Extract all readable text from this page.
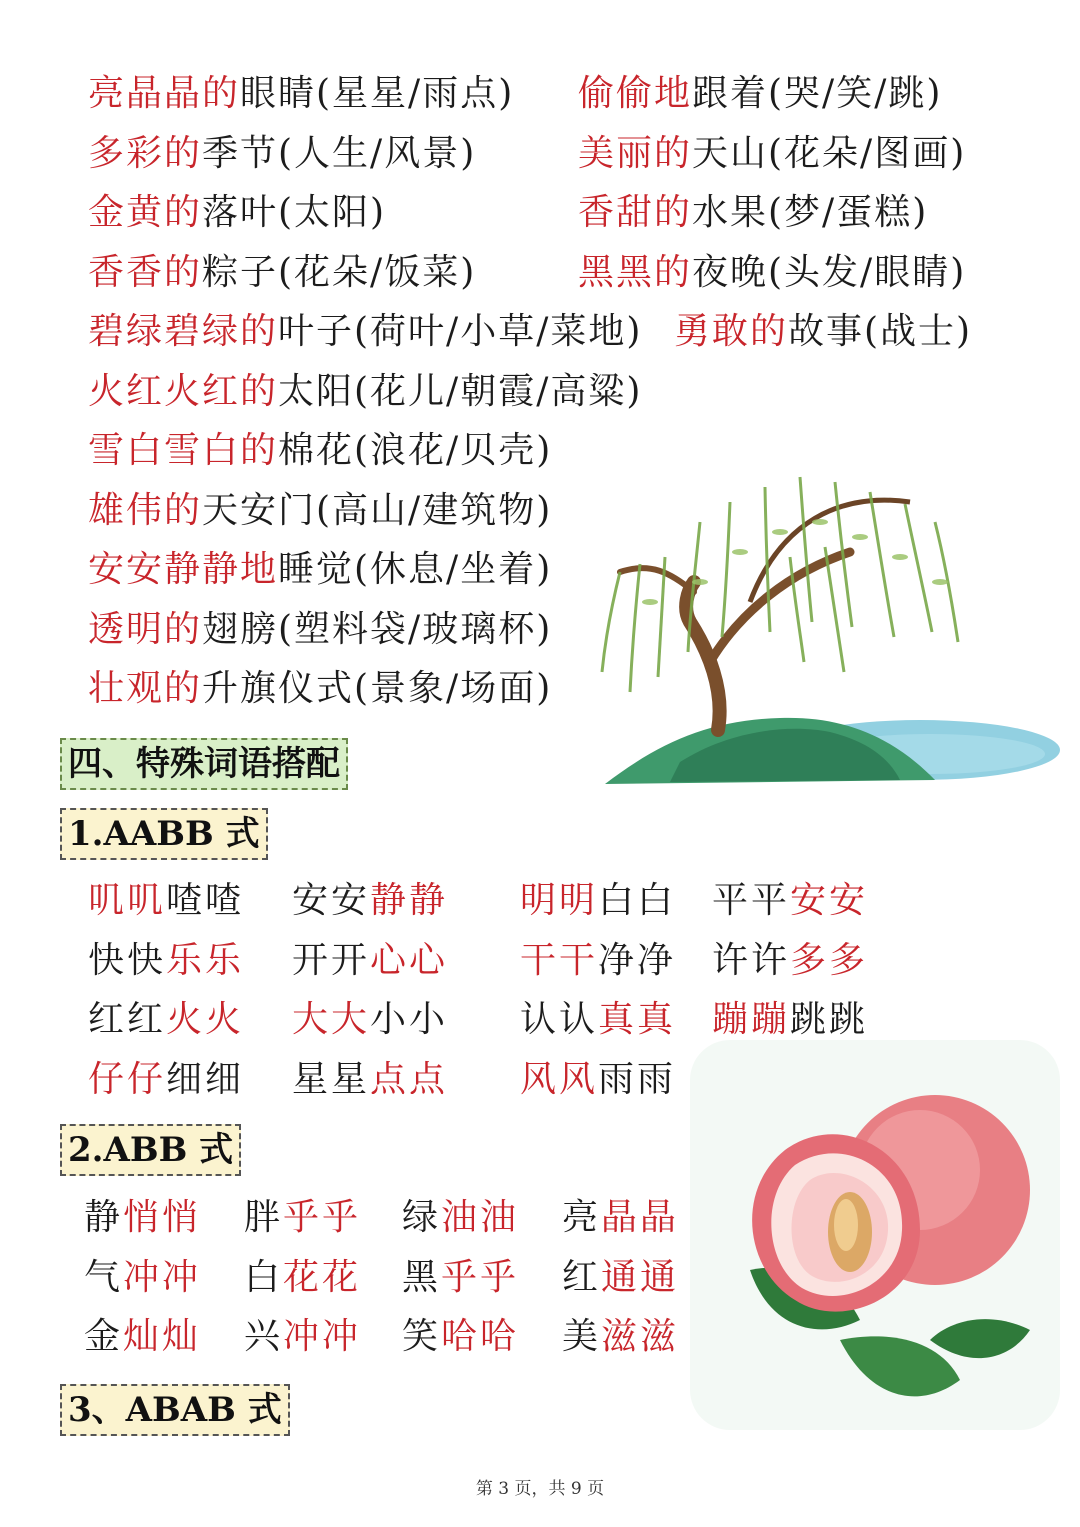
亮晶晶的眼睛(星星/雨点) 偷偷地跟着(哭/笑/跳)
多彩的季节(人生/风景)	美丽的天山(花朵/图画)
金黄的落叶(太阳)	香甜的水果(梦/蛋糕)
香香的粽子(花朵/饭菜)	黑黑的夜晚(头发/眼睛)
碧绿碧绿的叶子(荷叶/小草/菜地) 勇敢的故事(战士)
火红火红的太阳(花儿/朝霞/高粱)
雪白雪白的棉花(浪花/贝壳)
雄伟的天安门(高山/建筑物)
安安静静地睡觉(休息/坐着)
透明的翅膀(塑料袋/玻璃杯)
壮观的升旗仪式(景象/场面)
四、特殊词语搭配
1.AABB 式
叽叽喳喳 安安静静 明明白白 平平安安
快快乐乐 开开心心 干干净净 许许多多
红红火火 大大小小 认认真真 蹦蹦跳跳
仔仔细细 星星点点 风风雨雨
2.ABB 式
静悄悄 胖乎乎 绿油油 亮晶晶
气冲冲 白花花 黑乎乎 红通通
金灿灿 兴冲冲 笑哈哈 美滋滋
3、ABAB 式
第 3 页，共 9 页
